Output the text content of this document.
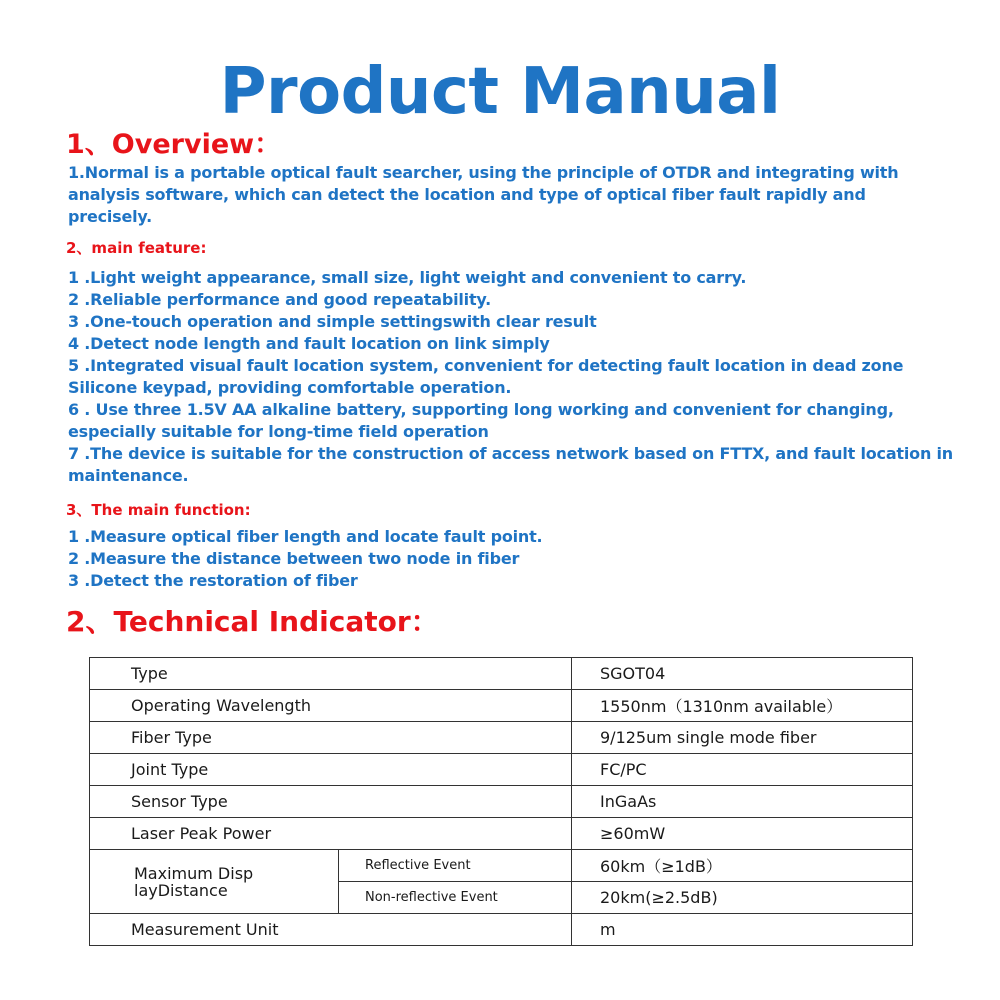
Product Manual
1、Overview：
1.Normal is a portable optical fault searcher, using the principle of OTDR and integrating with analysis software, which can detect the location and type of optical fiber fault rapidly and precisely.
2、main feature:
1 .Light weight appearance, small size, light weight and convenient to carry.
2 .Reliable performance and good repeatability.
3 .One-touch operation and simple settingswith clear result
4 .Detect node length and fault location on link simply
5 .Integrated visual fault location system, convenient for detecting fault location in dead zone Silicone keypad, providing comfortable operation.
6 . Use three 1.5V AA alkaline battery, supporting long working and convenient for changing, especially suitable for long-time field operation
7 .The device is suitable for the construction of access network based on FTTX, and fault location in maintenance.
3、The main function:
1 .Measure optical fiber length and locate fault point.
2 .Measure the distance between two node in fiber
3 .Detect the restoration of fiber
2、Technical Indicator：
Type		SGOT04
Operating Wavelength		1550nm（1310nm available）
Fiber Type		9/125um single mode fiber
Joint Type		FC/PC
Sensor Type		InGaAs
Laser Peak Power		≥60mW
Maximum Disp layDistance	Reflective Event	60km（≥1dB）
	Non-reflective Event	20km(≥2.5dB)
Measurement Unit		m
